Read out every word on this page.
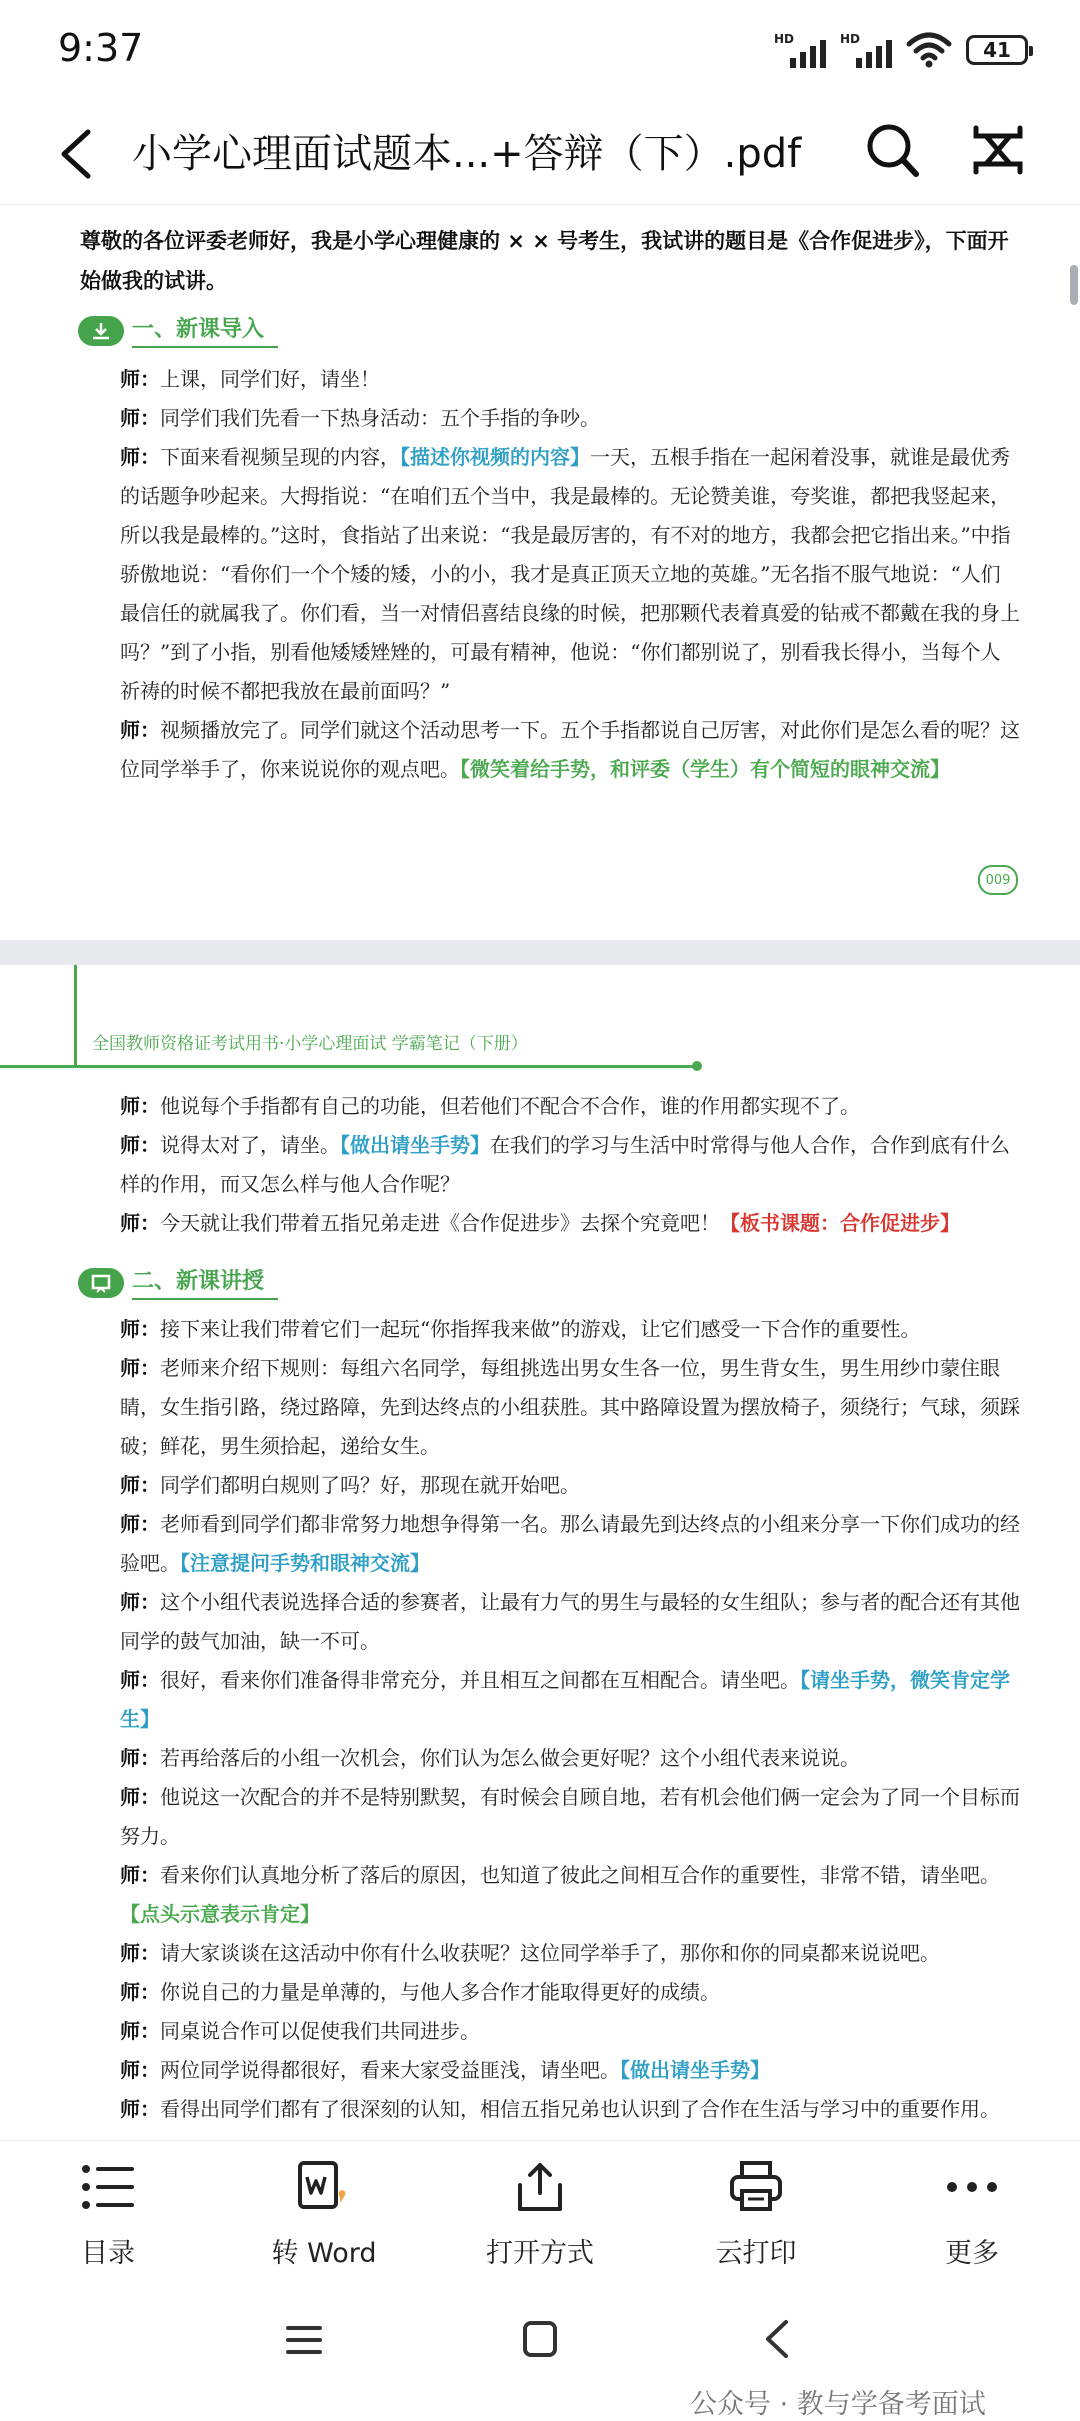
9:37	HD	HD	41
小学心理面试题本...+答辩（下）.pdf
尊敬的各位评委老师好，我是小学心理健康的 × × 号考生，我试讲的题目是《合作促进步》，下面开始做我的试讲。
一、新课导入
师：上课，同学们好，请坐！
师：同学们我们先看一下热身活动：五个手指的争吵。
师：下面来看视频呈现的内容，【描述你视频的内容】一天，五根手指在一起闲着没事，就谁是最优秀的话题争吵起来。大拇指说：“在咱们五个当中，我是最棒的。无论赞美谁，夸奖谁，都把我竖起来，所以我是最棒的。”这时，食指站了出来说：“我是最厉害的，有不对的地方，我都会把它指出来。”中指骄傲地说：“看你们一个个矮的矮，小的小，我才是真正顶天立地的英雄。”无名指不服气地说：“人们最信任的就属我了。你们看，当一对情侣喜结良缘的时候，把那颗代表着真爱的钻戒不都戴在我的身上吗？”到了小指，别看他矮矮矬矬的，可最有精神，他说：“你们都别说了，别看我长得小，当每个人祈祷的时候不都把我放在最前面吗？”
师：视频播放完了。同学们就这个活动思考一下。五个手指都说自己厉害，对此你们是怎么看的呢？这位同学举手了，你来说说你的观点吧。【微笑着给手势，和评委（学生）有个简短的眼神交流】
009
全国教师资格证考试用书·小学心理面试 学霸笔记（下册）
师：他说每个手指都有自己的功能，但若他们不配合不合作，谁的作用都实现不了。
师：说得太对了，请坐。【做出请坐手势】在我们的学习与生活中时常得与他人合作，合作到底有什么样的作用，而又怎么样与他人合作呢？
师：今天就让我们带着五指兄弟走进《合作促进步》去探个究竟吧！【板书课题：合作促进步】
二、新课讲授
师：接下来让我们带着它们一起玩“你指挥我来做”的游戏，让它们感受一下合作的重要性。
师：老师来介绍下规则：每组六名同学，每组挑选出男女生各一位，男生背女生，男生用纱巾蒙住眼睛，女生指引路，绕过路障，先到达终点的小组获胜。其中路障设置为摆放椅子，须绕行；气球，须踩破；鲜花，男生须拾起，递给女生。
师：同学们都明白规则了吗？好，那现在就开始吧。
师：老师看到同学们都非常努力地想争得第一名。那么请最先到达终点的小组来分享一下你们成功的经验吧。【注意提问手势和眼神交流】
师：这个小组代表说选择合适的参赛者，让最有力气的男生与最轻的女生组队；参与者的配合还有其他同学的鼓气加油，缺一不可。
师：很好，看来你们准备得非常充分，并且相互之间都在互相配合。请坐吧。【请坐手势，微笑肯定学生】
师：若再给落后的小组一次机会，你们认为怎么做会更好呢？这个小组代表来说说。
师：他说这一次配合的并不是特别默契，有时候会自顾自地，若有机会他们俩一定会为了同一个目标而努力。
师：看来你们认真地分析了落后的原因，也知道了彼此之间相互合作的重要性，非常不错，请坐吧。【点头示意表示肯定】
师：请大家谈谈在这活动中你有什么收获呢？这位同学举手了，那你和你的同桌都来说说吧。
师：你说自己的力量是单薄的，与他人多合作才能取得更好的成绩。
师：同桌说合作可以促使我们共同进步。
师：两位同学说得都很好，看来大家受益匪浅，请坐吧。【做出请坐手势】
师：看得出同学们都有了很深刻的认知，相信五指兄弟也认识到了合作在生活与学习中的重要作用。
目录	转 Word	打开方式	云打印	更多
公众号 · 教与学备考面试
